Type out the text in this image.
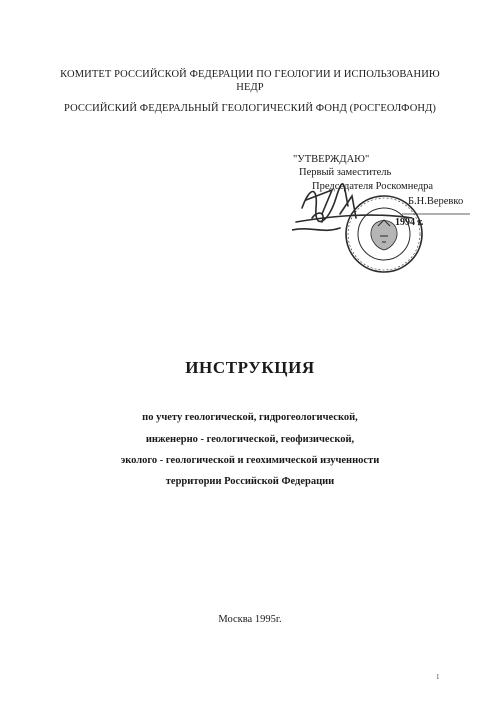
КОМИТЕТ РОССИЙСКОЙ ФЕДЕРАЦИИ ПО ГЕОЛОГИИ И ИСПОЛЬЗОВАНИЮ НЕДР
РОССИЙСКИЙ ФЕДЕРАЛЬНЫЙ ГЕОЛОГИЧЕСКИЙ ФОНД (РОСГЕОЛФОНД)
"УТВЕРЖДАЮ"
Первый заместитель
Председателя Роскомнедра
Б.Н.Веревко
1994 г.
ИНСТРУКЦИЯ
по учету геологической, гидрогеологической,
инженерно - геологической, геофизической,
эколого - геологической и геохимической изученности
территории Российской Федерации
Москва 1995г.
1
